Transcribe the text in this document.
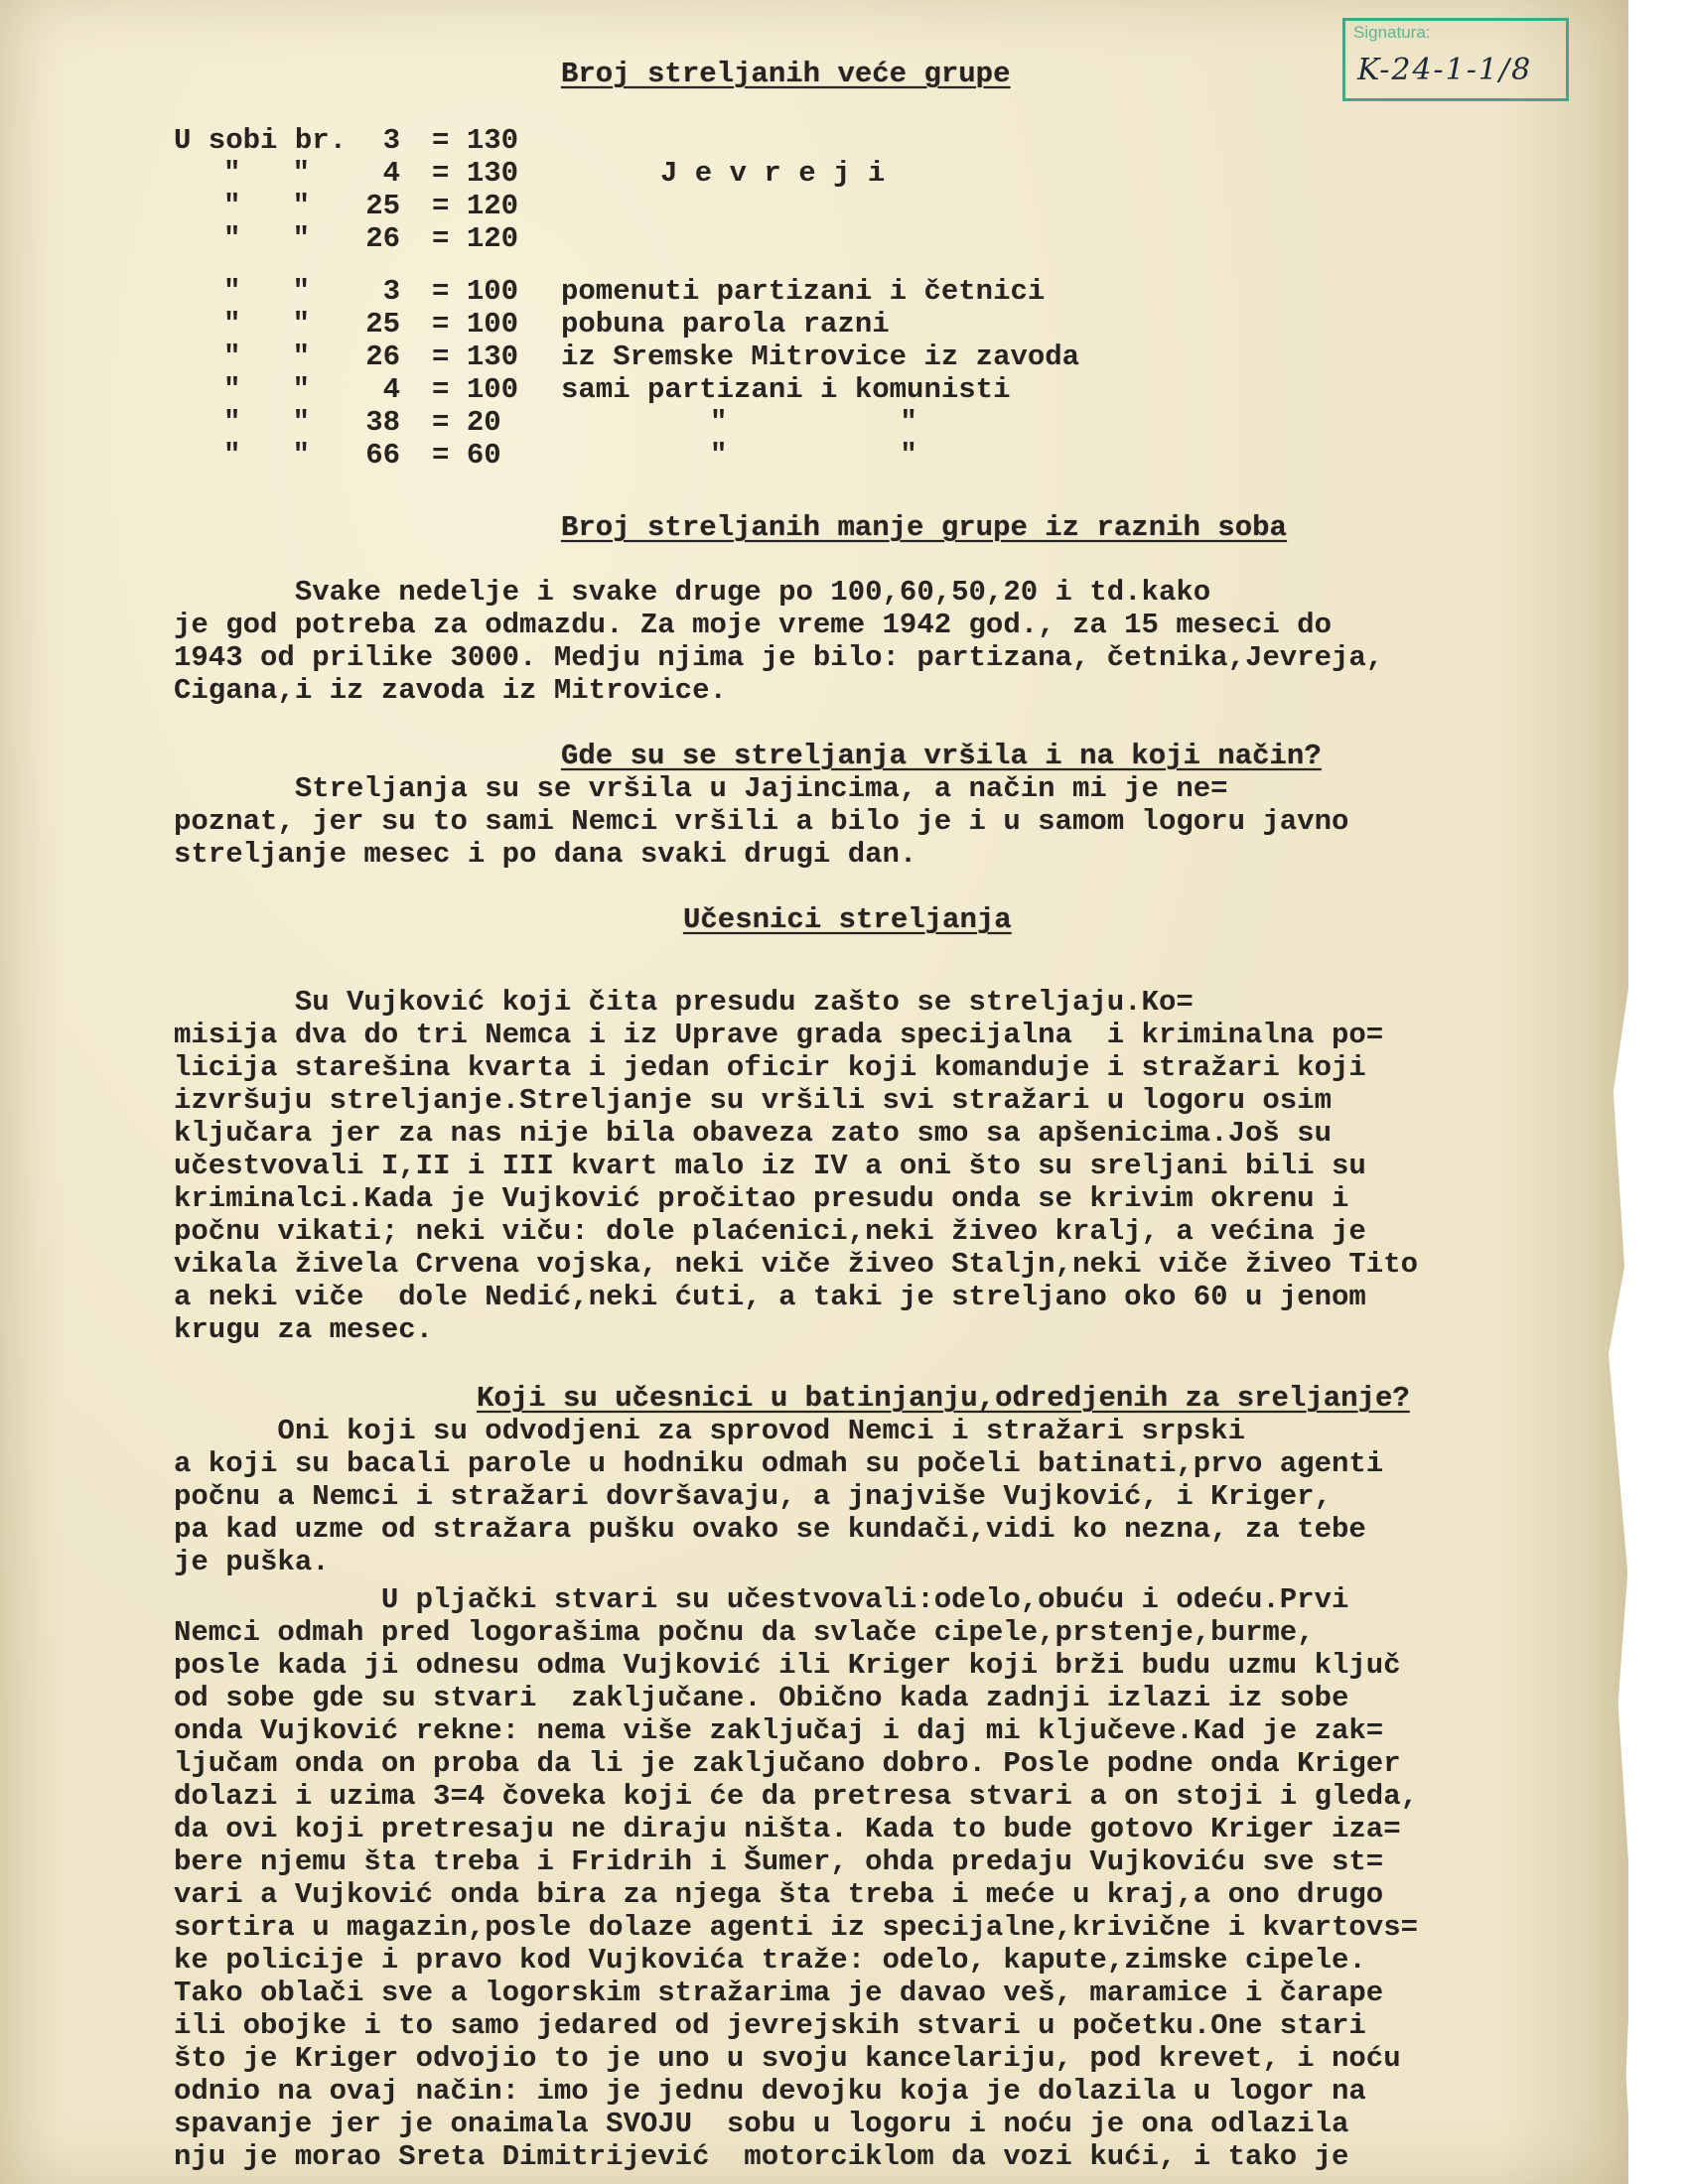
Signatura:
K-24-1-1/8
Broj streljanih veće grupe
U sobi br.	3 = 130
"   "	4 = 130	J e v r e j i
"   "	25 = 120
"   "	26 = 120
"   "	3 = 100 pomenuti partizani i četnici
"   "	25 = 100 pobuna parola razni
"   "	26 = 130 iz Sremske Mitrovice iz zavoda
"   "	4 = 100 sami partizani i komunisti
"   "	38 = 20	"          "
"   "	66 = 60	"          "
Broj streljanih manje grupe iz raznih soba
Svake nedelje i svake druge po 100,60,50,20 i td.kako
je god potreba za odmazdu. Za moje vreme 1942 god., za 15 meseci do
1943 od prilike 3000. Medju njima je bilo: partizana, četnika,Jevreja,
Cigana,i iz zavoda iz Mitrovice.
Gde su se streljanja vršila i na koji način?
Streljanja su se vršila u Jajincima, a način mi je ne=
poznat, jer su to sami Nemci vršili a bilo je i u samom logoru javno
streljanje mesec i po dana svaki drugi dan.
Učesnici streljanja
Su Vujković koji čita presudu zašto se streljaju.Ko=
misija dva do tri Nemca i iz Uprave grada specijalna  i kriminalna po=
licija starešina kvarta i jedan oficir koji komanduje i stražari koji
izvršuju streljanje.Streljanje su vršili svi stražari u logoru osim
ključara jer za nas nije bila obaveza zato smo sa apšenicima.Još su
učestvovali I,II i III kvart malo iz IV a oni što su sreljani bili su
kriminalci.Kada je Vujković pročitao presudu onda se krivim okrenu i
počnu vikati; neki viču: dole plaćenici,neki živeo kralj, a većina je
vikala živela Crvena vojska, neki viče živeo Staljn,neki viče živeo Tito
a neki viče  dole Nedić,neki ćuti, a taki je streljano oko 60 u jenom
krugu za mesec.
Koji su učesnici u batinjanju,odredjenih za sreljanje?
Oni koji su odvodjeni za sprovod Nemci i stražari srpski
a koji su bacali parole u hodniku odmah su počeli batinati,prvo agenti
počnu a Nemci i stražari dovršavaju, a jnajviše Vujković, i Kriger,
pa kad uzme od stražara pušku ovako se kundači,vidi ko nezna, za tebe
je puška.
U pljački stvari su učestvovali:odelo,obuću i odeću.Prvi
Nemci odmah pred logorašima počnu da svlače cipele,prstenje,burme,
posle kada ji odnesu odma Vujković ili Kriger koji brži budu uzmu ključ
od sobe gde su stvari  zaključane. Obično kada zadnji izlazi iz sobe
onda Vujković rekne: nema više zaključaj i daj mi ključeve.Kad je zak=
ljučam onda on proba da li je zaključano dobro. Posle podne onda Kriger
dolazi i uzima 3=4 čoveka koji će da pretresa stvari a on stoji i gleda,
da ovi koji pretresaju ne diraju ništa. Kada to bude gotovo Kriger iza=
bere njemu šta treba i Fridrih i Šumer, ohda predaju Vujkoviću sve st=
vari a Vujković onda bira za njega šta treba i meće u kraj,a ono drugo
sortira u magazin,posle dolaze agenti iz specijalne,krivične i kvartovs=
ke policije i pravo kod Vujkovića traže: odelo, kapute,zimske cipele.
Tako oblači sve a logorskim stražarima je davao veš, maramice i čarape
ili obojke i to samo jedared od jevrejskih stvari u početku.One stari
što je Kriger odvojio to je uno u svoju kancelariju, pod krevet, i noću
odnio na ovaj način: imo je jednu devojku koja je dolazila u logor na
spavanje jer je onaimala SVOJU  sobu u logoru i noću je ona odlazila
nju je morao Sreta Dimitrijević  motorciklom da vozi kući, i tako je
